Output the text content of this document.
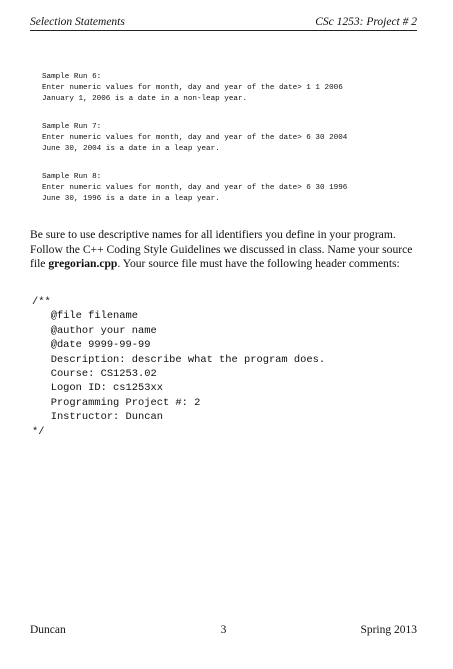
Selection Statements	CSc 1253: Project # 2
Sample Run 6:
Enter numeric values for month, day and year of the date> 1 1 2006
January 1, 2006 is a date in a non-leap year.
Sample Run 7:
Enter numeric values for month, day and year of the date> 6 30 2004
June 30, 2004 is a date in a leap year.
Sample Run 8:
Enter numeric values for month, day and year of the date> 6 30 1996
June 30, 1996 is a date in a leap year.
Be sure to use descriptive names for all identifiers you define in your program. Follow the C++ Coding Style Guidelines we discussed in class. Name your source file gregorian.cpp. Your source file must have the following header comments:
/**
@file filename
@author your name
@date 9999-99-99
Description: describe what the program does.
Course: CS1253.02
Logon ID: cs1253xx
Programming Project #: 2
Instructor: Duncan
*/
Duncan	3	Spring 2013
